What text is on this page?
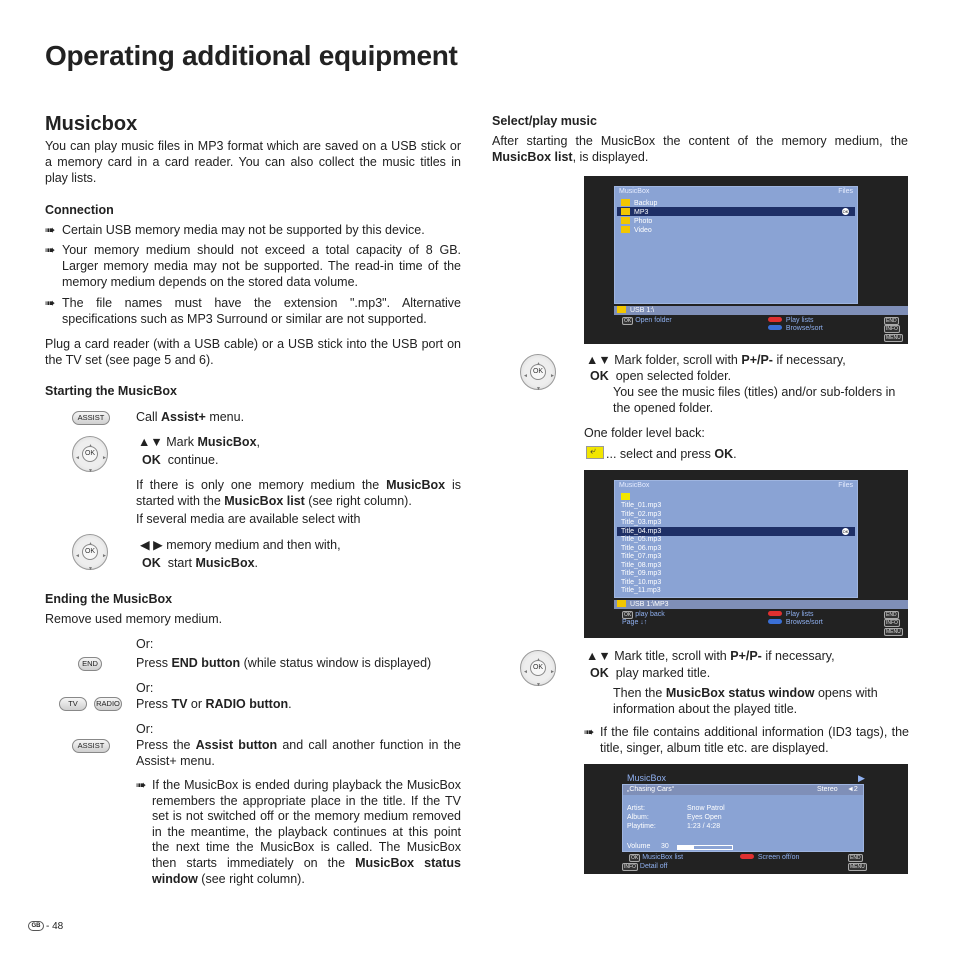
Operating additional equipment
Musicbox
You can play music files in MP3 format which are saved on a USB stick or a memory card in a card reader. You can also collect the music titles in play lists.
Connection
➠ Certain USB memory media may not be supported by this device.
➠ Your memory medium should not exceed a total capacity of 8 GB. Larger memory media may not be supported. The read-in time of the memory medium depends on the stored data volume.
➠ The file names must have the extension ".mp3". Alternative specifications such as MP3 Surround or similar are not supported.
Plug a card reader (with a USB cable) or a USB stick into the USB port on the TV set (see page 5 and 6).
Starting the MusicBox
ASSIST	Call Assist+ menu.
▼
◄	►
OK
▲▼ Mark MusicBox,
OK continue.
If there is only one memory medium the MusicBox is started with the MusicBox list (see right column).
If several media are available select with
▼
◄	►
OK	◀ ▶ memory medium and then with,
OK start MusicBox.
Ending the MusicBox
Remove used memory medium.
Or:
END	Press END button (while status window is displayed)
Or:
TV	RADIO Press TV or RADIO button.
Or:
ASSIST	Press the Assist button and call another function in the Assist+ menu.
➠ If the MusicBox is ended during playback the MusicBox remembers the appropriate place in the title. If the TV set is not switched off or the memory medium removed in the meantime, the playback continues at this point the next time the MusicBox is called. The MusicBox then starts immediately on the MusicBox status window (see right column).
GB - 48
Select/play music
After starting the MusicBox the content of the memory medium, the MusicBox list, is displayed.
MusicBox	Files
Backup
MP3
Photo
Video
OK
USB 1:\
OK Open folder	Play lists
Browse/sort
END
INFO
MENU
▼
◄	►
OK
▲▼ Mark folder, scroll with P+/P- if necessary,
OK open selected folder.
You see the music files (titles) and/or sub-folders in the opened folder.
One folder level back:
⤶ ... select and press OK.
MusicBox	Files
Title_01.mp3
Title_02.mp3
Title_03.mp3
Title_04.mp3
Title_05.mp3
Title_06.mp3
Title_07.mp3
Title_08.mp3
Title_09.mp3
Title_10.mp3
Title_11.mp3
OK
USB 1:\MP3
OK play back
Page ↓↑
Play lists
Browse/sort
END
INFO
MENU
▼
◄	►
OK
▲▼ Mark title, scroll with P+/P- if necessary,
OK play marked title.
Then the MusicBox status window opens with information about the played title.
➠ If the file contains additional information (ID3 tags), the title, singer, album title etc. are displayed.
MusicBox	▶
„Chasing Cars“	Stereo ◄2
Artist:	Snow Patrol
Album:	Eyes Open
Playtime:	1:23 / 4:28
Volume 30
OK MusicBox list
INFO Detail off
Screen off/on	END
MENU
